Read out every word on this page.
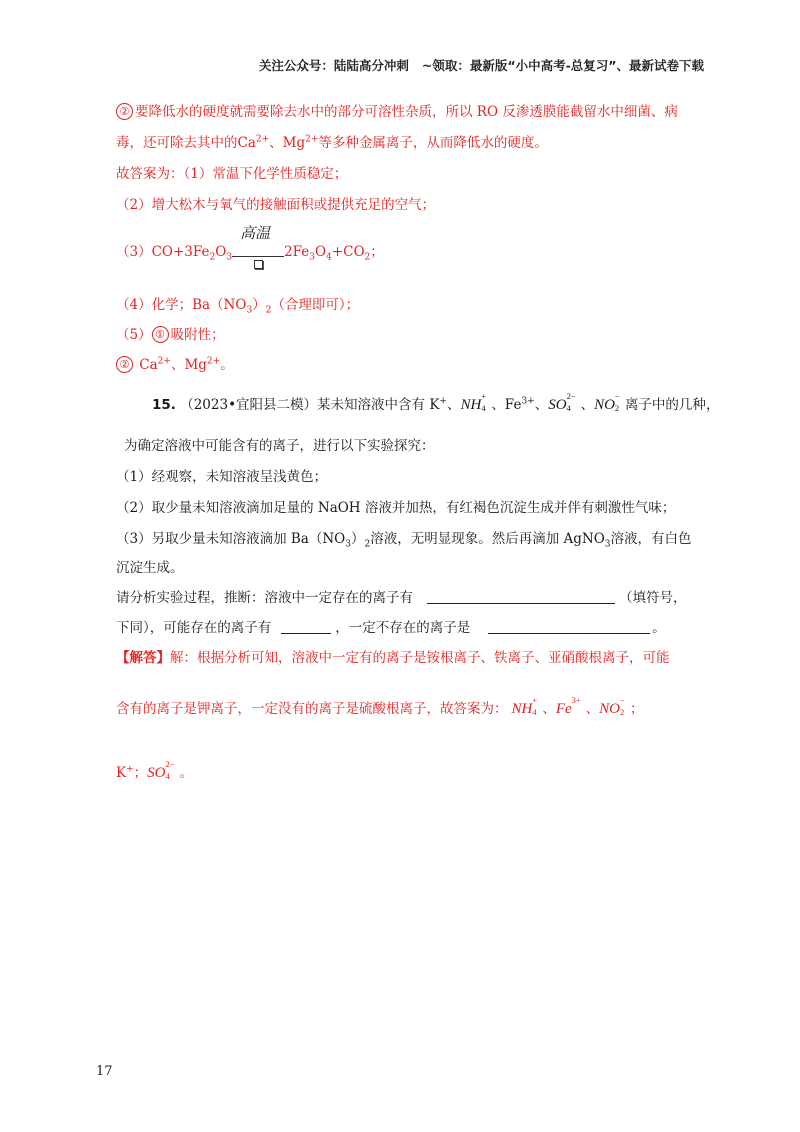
关注公众号：陆陆高分冲刺 ~领取：最新版“小中高考-总复习”、最新试卷下载
② 要降低水的硬度就需要除去水中的部分可溶性杂质，所以 RO 反渗透膜能截留水中细菌、病
毒，还可除去其中的$Ca^{2+}$、$Mg^{2+}$等多种金属离子，从而降低水的硬度。
故答案为：（1）常温下化学性质稳定；
（2）增大松木与氧气的接触面积或提供充足的空气；
$(3)CO+3Fe_2O_3$
高温
$2Fe_3O_4+CO_2$；
（4）化学；$Ba(NO_3)_2$（合理即可）；
（5） ① 吸附性；
② $Ca^{2+}$、$Mg^{2+}$。
15. （2023•宜阳县二模）某未知溶液中含有 K+、NH
+
4 、$Fe^{3+}$、SO
2−
4 、NO
−
2 离子中的几种，
为确定溶液中可能含有的离子，进行以下实验探究：
（1）经观察，未知溶液呈浅黄色；
（2）取少量未知溶液滴加足量的 NaOH 溶液并加热，有红褐色沉淀生成并伴有刺激性气味；
（3）另取少量未知溶液滴加 $Ba(NO_3)_2$溶液，无明显现象。然后再滴加 AgNO$_3$溶液，有白色
沉淀生成。
请分析实验过程，推断：溶液中一定存在的离子有	（填符号，
下同），可能存在的离子有	，一定不存在的离子是	。
【解答】解：根据分析可知，溶液中一定有的离子是铵根离子、铁离子、亚硝酸根离子，可能
含有的离子是钾离子，一定没有的离子是硫酸根离子，故答案为： NH
+
4 、Fe
3+
、NO
−
2 ；
K+；SO
2−
4 。
17
